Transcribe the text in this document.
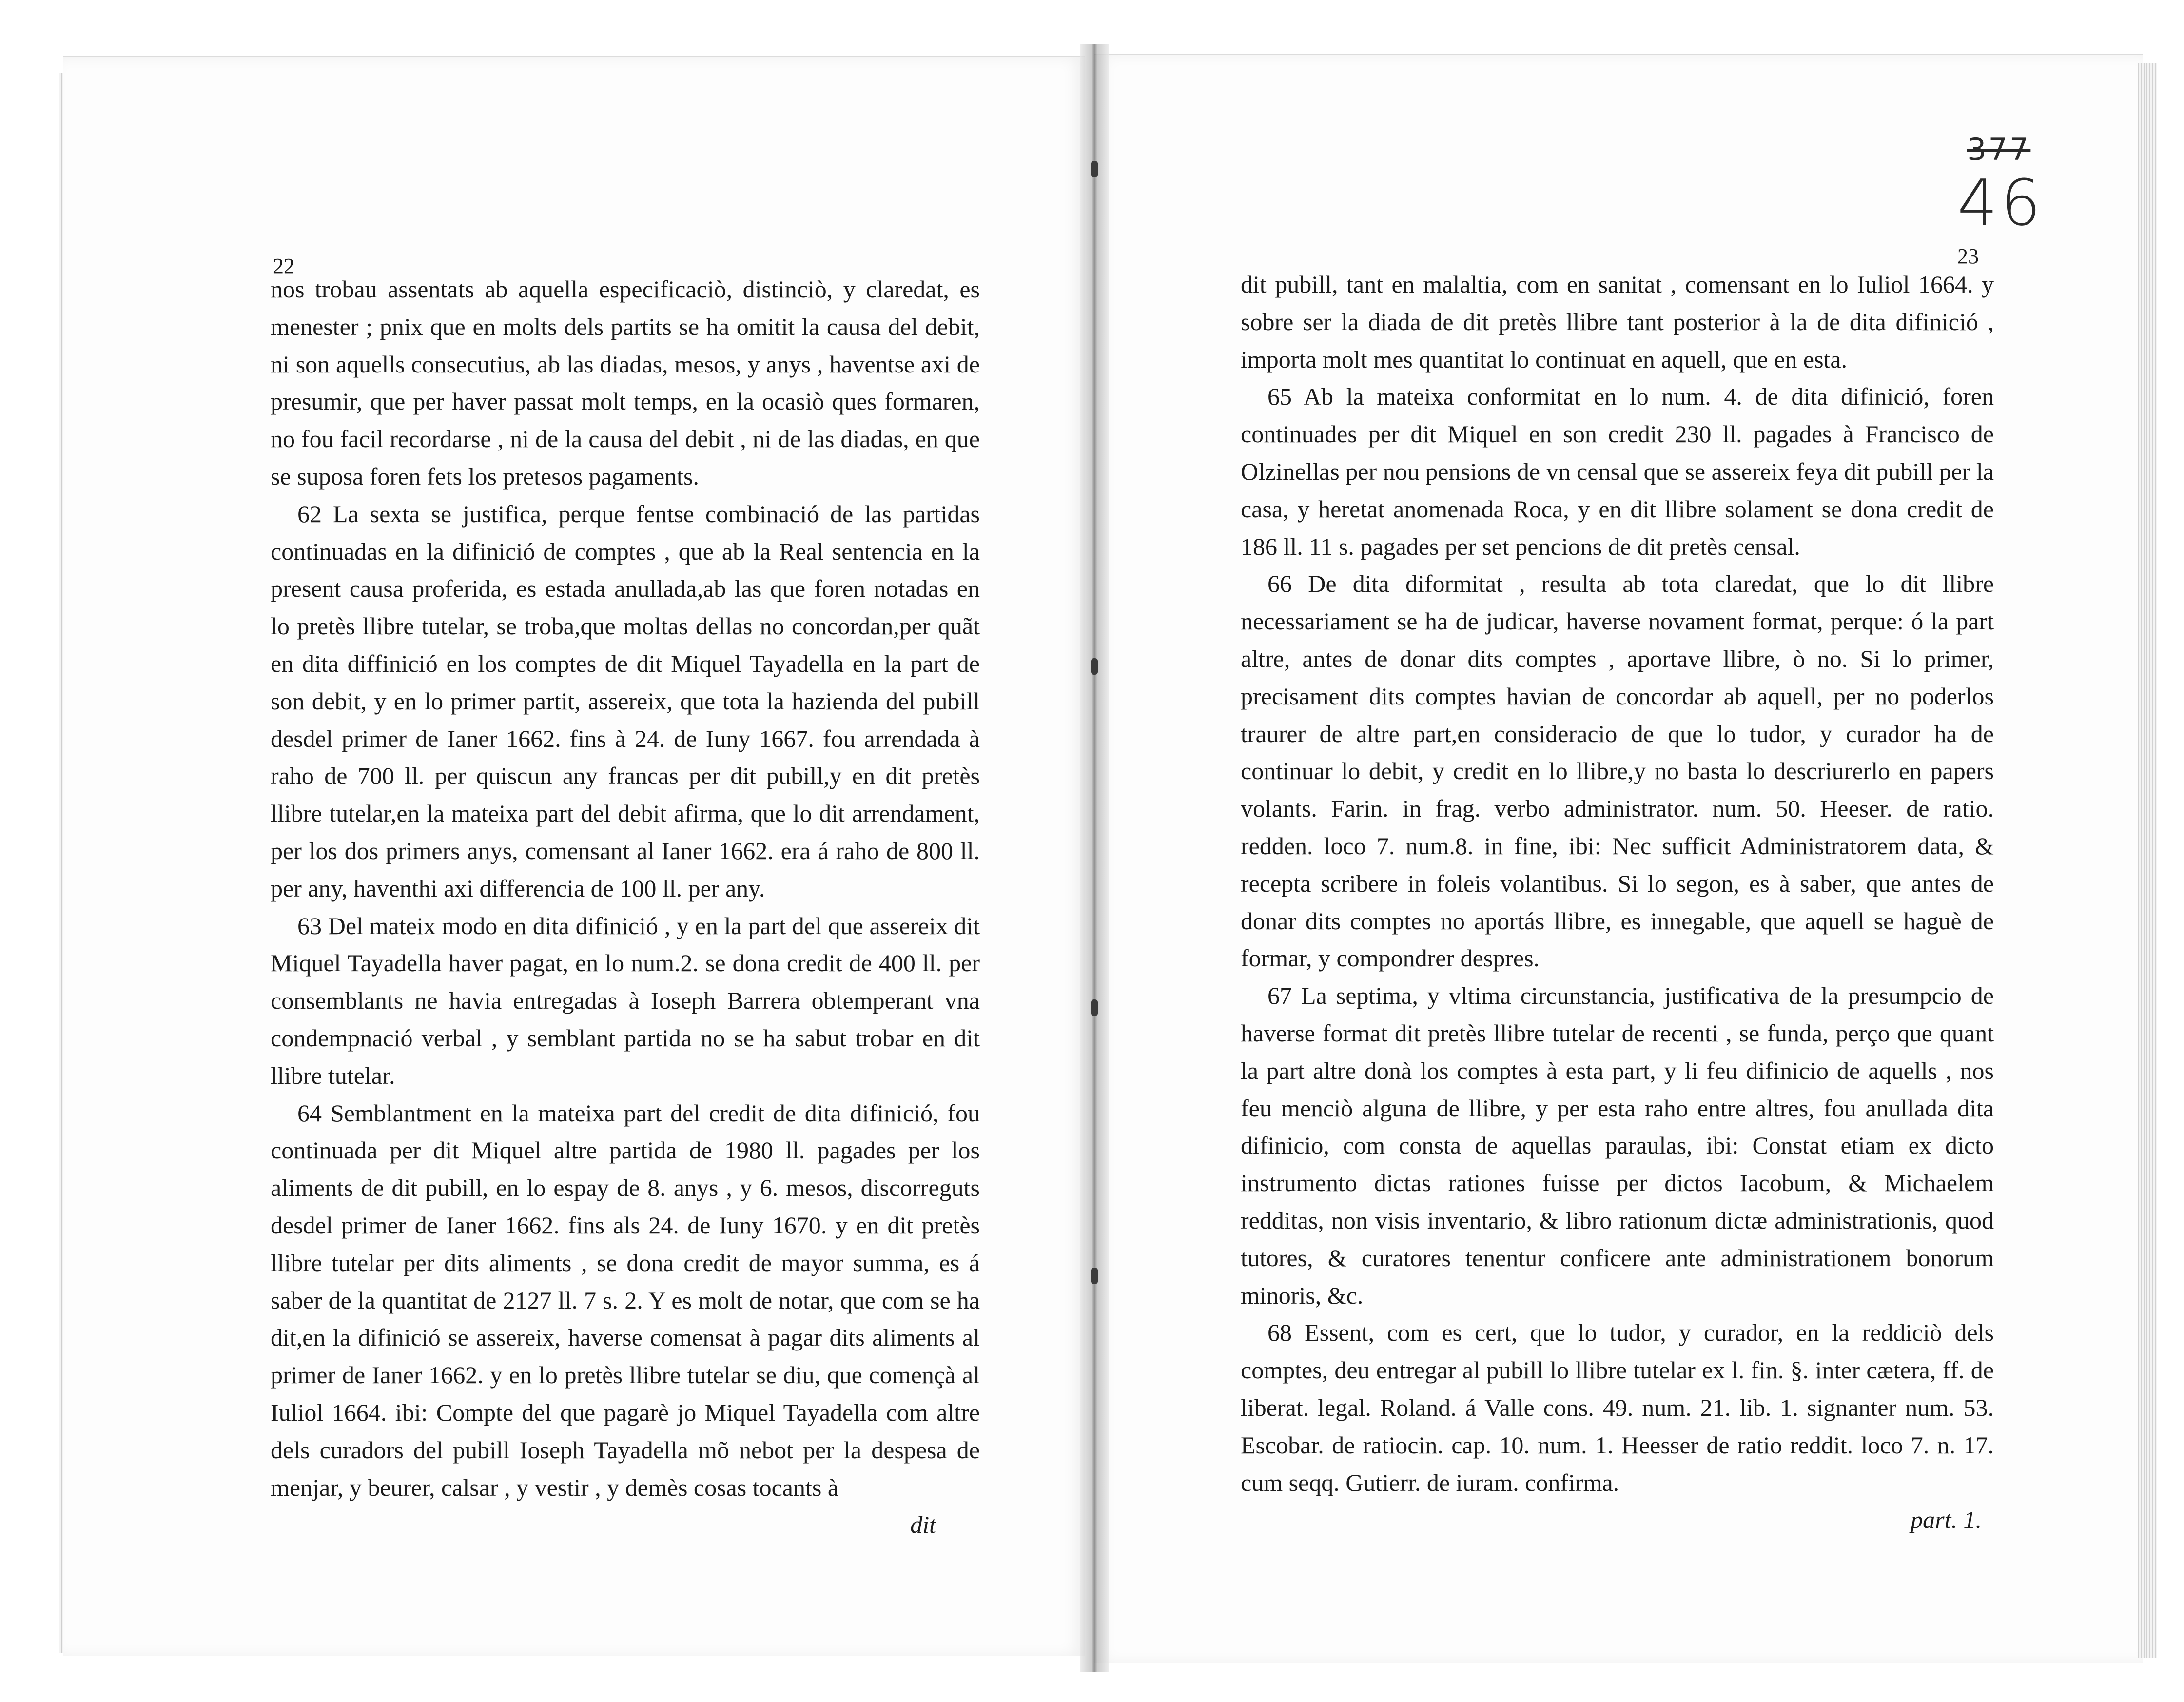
377
46
22	23

nos trobau assentats ab aquella especificaciò, distinciò, y claredat, es menester ; pnix que en molts dels partits se ha omitit la causa del debit, ni son aquells consecutius, ab las diadas, mesos, y anys , haventse axi de presumir, que per haver passat molt temps, en la ocasiò ques formaren, no fou facil recordarse , ni de la causa del debit , ni de las diadas, en que se suposa foren fets los pretesos pagaments.

62 La sexta se justifica, perque fentse combinació de las partidas continuadas en la difinició de comptes , que ab la Real sentencia en la present causa proferida, es estada anullada,ab las que foren notadas en lo pretès llibre tutelar, se troba,que moltas dellas no concordan,per quãt en dita diffinició en los comptes de dit Miquel Tayadella en la part de son debit, y en lo primer partit, assereix, que tota la hazienda del pubill desdel primer de Ianer 1662. fins à 24. de Iuny 1667. fou arrendada à raho de 700 ll. per quiscun any francas per dit pubill,y en dit pretès llibre tutelar,en la mateixa part del debit afirma, que lo dit arrendament, per los dos primers anys, comensant al Ianer 1662. era á raho de 800 ll. per any, haventhi axi differencia de 100 ll. per any.

63 Del mateix modo en dita difinició , y en la part del que assereix dit Miquel Tayadella haver pagat, en lo num.2. se dona credit de 400 ll. per consemblants ne havia entregadas à Ioseph Barrera obtemperant vna condempnació verbal , y semblant partida no se ha sabut trobar en dit llibre tutelar.

64 Semblantment en la mateixa part del credit de dita difinició, fou continuada per dit Miquel altre partida de 1980 ll. pagades per los aliments de dit pubill, en lo espay de 8. anys , y 6. mesos, discorreguts desdel primer de Ianer 1662. fins als 24. de Iuny 1670. y en dit pretès llibre tutelar per dits aliments , se dona credit de mayor summa, es á saber de la quantitat de 2127 ll. 7 s. 2. Y es molt de notar, que com se ha dit,en la difinició se assereix, haverse comensat à pagar dits aliments al primer de Ianer 1662. y en lo pretès llibre tutelar se diu, que començà al Iuliol 1664. ibi: Compte del que pagarè jo Miquel Tayadella com altre dels curadors del pubill Ioseph Tayadella mõ nebot per la despesa de menjar, y beurer, calsar , y vestir , y demès cosas tocants à

dit

dit pubill, tant en malaltia, com en sanitat , comensant en lo Iuliol 1664. y sobre ser la diada de dit pretès llibre tant posterior à la de dita difinició , importa molt mes quantitat lo continuat en aquell, que en esta.

65 Ab la mateixa conformitat en lo num. 4. de dita difinició, foren continuades per dit Miquel en son credit 230 ll. pagades à Francisco de Olzinellas per nou pensions de vn censal que se assereix feya dit pubill per la casa, y heretat anomenada Roca, y en dit llibre solament se dona credit de 186 ll. 11 s. pagades per set pencions de dit pretès censal.

66 De dita diformitat , resulta ab tota claredat, que lo dit llibre necessariament se ha de judicar, haverse novament format, perque: ó la part altre, antes de donar dits comptes , aportave llibre, ò no. Si lo primer, precisament dits comptes havian de concordar ab aquell, per no poderlos traurer de altre part,en consideracio de que lo tudor, y curador ha de continuar lo debit, y credit en lo llibre,y no basta lo descriurerlo en papers volants. Farin. in frag. verbo administrator. num. 50. Heeser. de ratio. redden. loco 7. num.8. in fine, ibi: Nec sufficit Administratorem data, & recepta scribere in foleis volantibus. Si lo segon, es à saber, que antes de donar dits comptes no aportás llibre, es innegable, que aquell se haguè de formar, y compondrer despres.

67 La septima, y vltima circunstancia, justificativa de la presumpcio de haverse format dit pretès llibre tutelar de recenti , se funda, perço que quant la part altre donà los comptes à esta part, y li feu difinicio de aquells , nos feu menciò alguna de llibre, y per esta raho entre altres, fou anullada dita difinicio, com consta de aquellas paraulas, ibi: Constat etiam ex dicto instrumento dictas rationes fuisse per dictos Iacobum, & Michaelem redditas, non visis inventario, & libro rationum dictæ administrationis, quod tutores, & curatores tenentur conficere ante administrationem bonorum minoris, &c.

68 Essent, com es cert, que lo tudor, y curador, en la reddiciò dels comptes, deu entregar al pubill lo llibre tutelar ex l. fin. §. inter cætera, ff. de liberat. legal. Roland. á Valle cons. 49. num. 21. lib. 1. signanter num. 53. Escobar. de ratiocin. cap. 10. num. 1. Heesser de ratio reddit. loco 7. n. 17. cum seqq. Gutierr. de iuram. confirma.

part. 1.
